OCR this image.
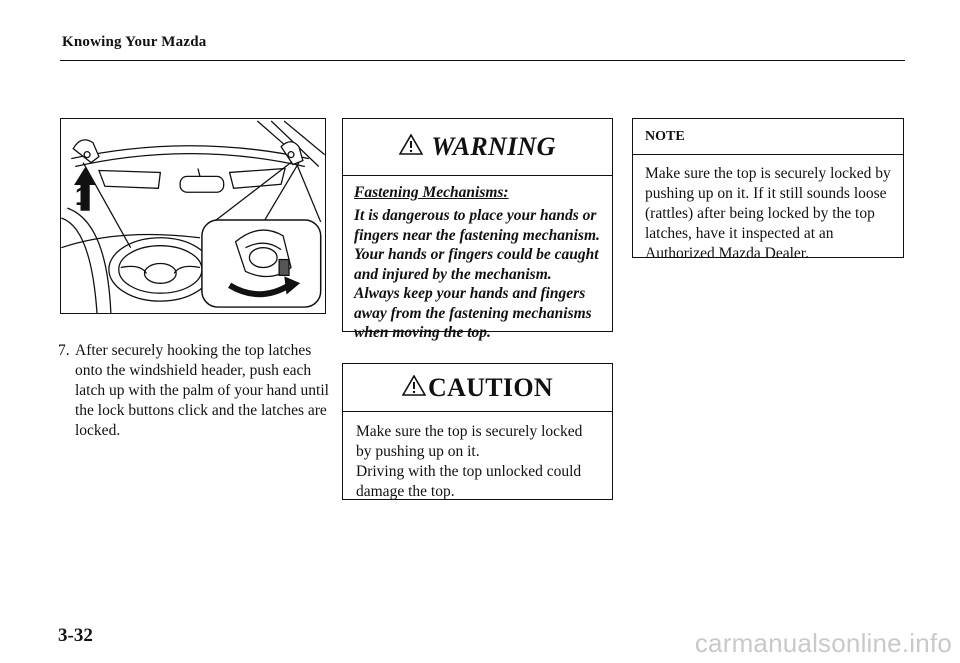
Knowing Your Mazda
1
7. After securely hooking the top latches onto the windshield header, push each latch up with the palm of your hand until the lock buttons click and the latches are locked.
WARNING
Fastening Mechanisms:
It is dangerous to place your hands or fingers near the fastening mechanism. Your hands or fingers could be caught and injured by the mechanism. Always keep your hands and fingers away from the fastening mechanisms when moving the top.
CAUTION

Make sure the top is securely locked by pushing up on it.

Driving with the top unlocked could damage the top.

NOTE
Make sure the top is securely locked by pushing up on it. If it still sounds loose (rattles) after being locked by the top latches, have it inspected at an Authorized Mazda Dealer.
3-32	carmanualsonline.info
